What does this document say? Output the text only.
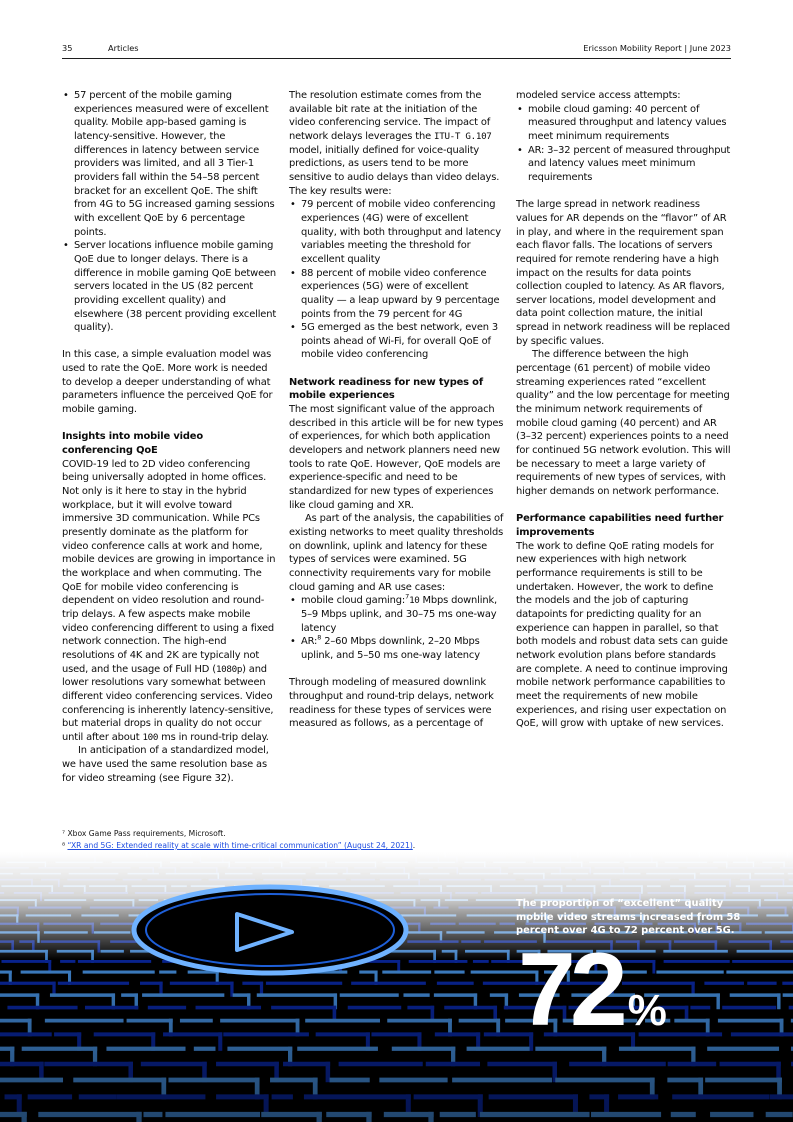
35	Articles	Ericsson Mobility Report | June 2023
• 57 percent of the mobile gaming experiences measured were of excellent quality. Mobile app-based gaming is latency-sensitive. However, the differences in latency between service providers was limited, and all 3 Tier-1 providers fall within the 54–58 percent bracket for an excellent QoE. The shift from 4G to 5G increased gaming sessions with excellent QoE by 6 percentage points.
• Server locations influence mobile gaming QoE due to longer delays. There is a difference in mobile gaming QoE between servers located in the US (82 percent providing excellent quality) and elsewhere (38 percent providing excellent quality).

In this case, a simple evaluation model was used to rate the QoE. More work is needed to develop a deeper understanding of what parameters influence the perceived QoE for mobile gaming.

Insights into mobile video conferencing QoE

COVID-19 led to 2D video conferencing being universally adopted in home offices. Not only is it here to stay in the hybrid workplace, but it will evolve toward immersive 3D communication. While PCs presently dominate as the platform for video conference calls at work and home, mobile devices are growing in importance in the workplace and when commuting. The QoE for mobile video conferencing is dependent on video resolution and round-trip delays. A few aspects make mobile video conferencing different to using a fixed network connection. The high-end resolutions of 4K and 2K are typically not used, and the usage of Full HD (1080p) and lower resolutions vary somewhat between different video conferencing services. Video conferencing is inherently latency-sensitive, but material drops in quality do not occur until after about 100 ms in round-trip delay.

In anticipation of a standardized model, we have used the same resolution base as for video streaming (see Figure 32).

The resolution estimate comes from the available bit rate at the initiation of the video conferencing service. The impact of network delays leverages the ITU-T G.107 model, initially defined for voice-quality predictions, as users tend to be more sensitive to audio delays than video delays. The key results were:

• 79 percent of mobile video conferencing experiences (4G) were of excellent quality, with both throughput and latency variables meeting the threshold for excellent quality
• 88 percent of mobile video conference experiences (5G) were of excellent quality — a leap upward by 9 percentage points from the 79 percent for 4G
• 5G emerged as the best network, even 3 points ahead of Wi-Fi, for overall QoE of mobile video conferencing
Network readiness for new types of mobile experiences

The most significant value of the approach described in this article will be for new types of experiences, for which both application developers and network planners need new tools to rate QoE. However, QoE models are experience-specific and need to be standardized for new types of experiences like cloud gaming and XR.

As part of the analysis, the capabilities of existing networks to meet quality thresholds on downlink, uplink and latency for these types of services were examined. 5G connectivity requirements vary for mobile cloud gaming and AR use cases:

• mobile cloud gaming:$^7$10 Mbps downlink, 5–9 Mbps uplink, and 30–75 ms one-way latency
• AR:$^8$ 2–60 Mbps downlink, 2–20 Mbps uplink, and 5–50 ms one-way latency

Through modeling of measured downlink throughput and round-trip delays, network readiness for these types of services were measured as follows, as a percentage of

modeled service access attempts:

• mobile cloud gaming: 40 percent of measured throughput and latency values meet minimum requirements
• AR: 3–32 percent of measured throughput and latency values meet minimum requirements

The large spread in network readiness values for AR depends on the “flavor” of AR in play, and where in the requirement span each flavor falls. The locations of servers required for remote rendering have a high impact on the results for data points collection coupled to latency. As AR flavors, server locations, model development and data point collection mature, the initial spread in network readiness will be replaced by specific values.

The difference between the high percentage (61 percent) of mobile video streaming experiences rated “excellent quality” and the low percentage for meeting the minimum network requirements of mobile cloud gaming (40 percent) and AR (3–32 percent) experiences points to a need for continued 5G network evolution. This will be necessary to meet a large variety of requirements of new types of services, with higher demands on network performance.

Performance capabilities need further improvements

The work to define QoE rating models for new experiences with high network performance requirements is still to be undertaken. However, the work to define the models and the job of capturing datapoints for predicting quality for an experience can happen in parallel, so that both models and robust data sets can guide network evolution plans before standards are complete. A need to continue improving mobile network performance capabilities to meet the requirements of new mobile experiences, and rising user expectation on QoE, will grow with uptake of new services.

⁷ Xbox Game Pass requirements, Microsoft.
⁸ “XR and 5G: Extended reality at scale with time-critical communication” (August 24, 2021).
The proportion of “excellent” quality mobile video streams increased from 58 percent over 4G to 72 percent over 5G.
72 %
